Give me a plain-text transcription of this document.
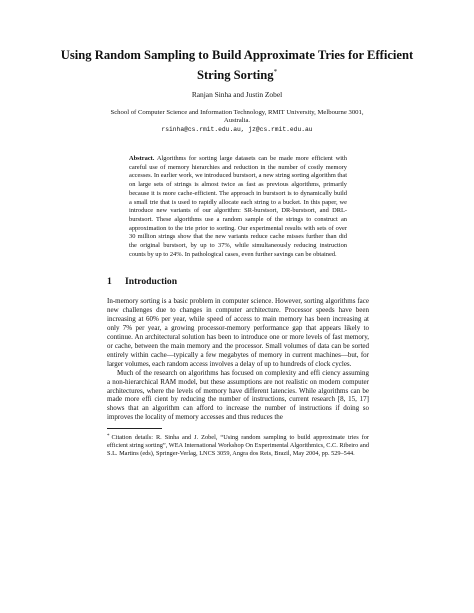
Using Random Sampling to Build Approximate Tries for Efficient String Sorting*
Ranjan Sinha and Justin Zobel
School of Computer Science and Information Technology, RMIT University, Melbourne 3001,
Australia.
rsinha@cs.rmit.edu.au, jz@cs.rmit.edu.au
Abstract. Algorithms for sorting large datasets can be made more efficient with careful use of memory hierarchies and reduction in the number of costly memory accesses. In earlier work, we introduced burstsort, a new string sorting algorithm that on large sets of strings is almost twice as fast as previous algorithms, primarily because it is more cache-efficient. The approach in burstsort is to dynamically build a small trie that is used to rapidly allocate each string to a bucket. In this paper, we introduce new variants of our algorithm: SR-burstsort, DR-burstsort, and DRL-burstsort. These algorithms use a random sample of the strings to construct an approximation to the trie prior to sorting. Our experimental results with sets of over 30 million strings show that the new variants reduce cache misses further than did the original burstsort, by up to 37%, while simultaneously reducing instruction counts by up to 24%. In pathological cases, even further savings can be obtained.
1 Introduction

In-memory sorting is a basic problem in computer science. However, sorting algorithms face new challenges due to changes in computer architecture. Processor speeds have been increasing at 60% per year, while speed of access to main memory has been increasing at only 7% per year, a growing processor-memory performance gap that appears likely to continue. An architectural solution has been to introduce one or more levels of fast memory, or cache, between the main memory and the processor. Small volumes of data can be sorted entirely within cache—typically a few megabytes of memory in current machines—but, for larger volumes, each random access involves a delay of up to hundreds of clock cycles.

Much of the research on algorithms has focused on complexity and effi ciency assuming a non-hierarchical RAM model, but these assumptions are not realistic on modern computer architectures, where the levels of memory have different latencies. While algorithms can be made more effi cient by reducing the number of instructions, current research [8, 15, 17] shows that an algorithm can afford to increase the number of instructions if doing so improves the locality of memory accesses and thus reduces the

* Citation details: R. Sinha and J. Zobel, “Using random sampling to build approximate tries for efficient string sorting”, WEA International Workshop On Experimental Algorithmics, C.C. Ribeiro and S.L. Martins (eds), Springer-Verlag, LNCS 3059, Angra dos Reis, Brazil, May 2004, pp. 529–544.
